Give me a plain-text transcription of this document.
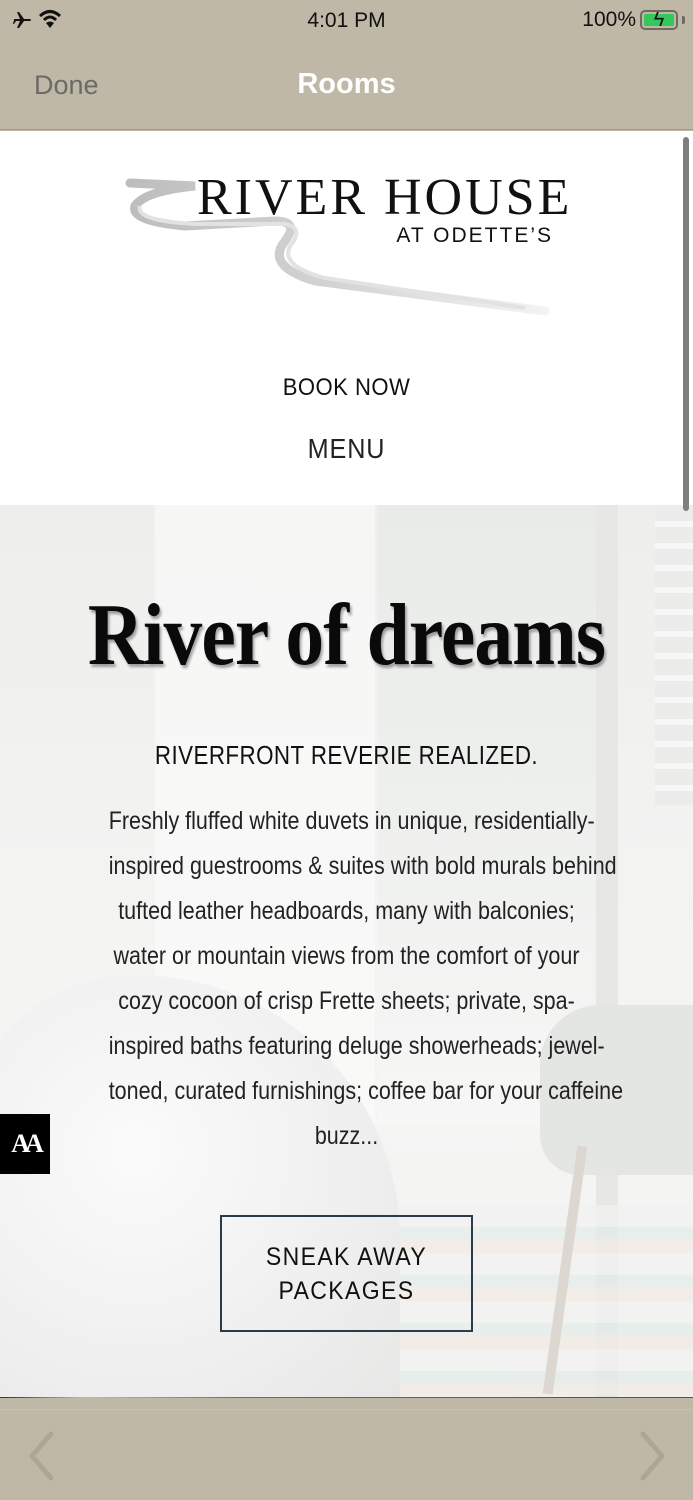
4:01 PM	100% ϟ
Done	Rooms
RIVER HOUSE
AT ODETTE’S
BOOK NOW
MENU
River of dreams
RIVERFRONT REVERIE REALIZED.
Freshly fluffed white duvets in unique, residentially-
inspired guestrooms & suites with bold murals behind
tufted leather headboards, many with balconies;
water or mountain views from the comfort of your
cozy cocoon of crisp Frette sheets; private, spa-
inspired baths featuring deluge showerheads; jewel-
toned, curated furnishings; coffee bar for your caffeine
buzz...
SNEAK AWAY
PACKAGES
AA
